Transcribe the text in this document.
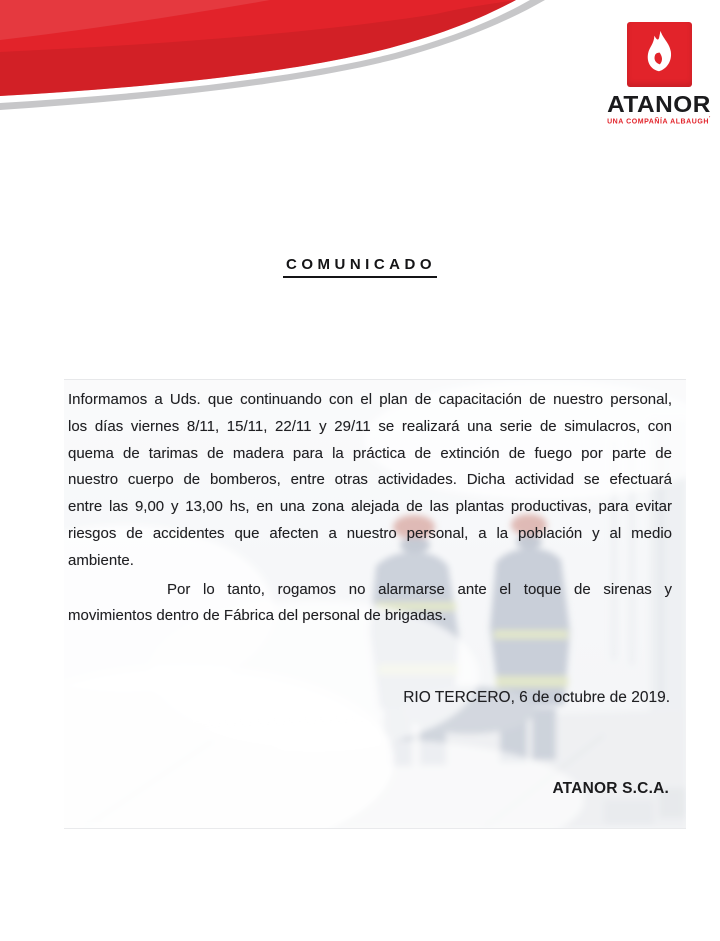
ATANOR
UNA COMPAÑÍA ALBAUGH’
COMUNICADO
Informamos a Uds. que continuando con el plan de capacitación de nuestro personal,
los días viernes 8/11, 15/11, 22/11 y 29/11 se realizará una serie de simulacros, con
quema de tarimas de madera para la práctica de extinción de fuego por parte de
nuestro cuerpo de bomberos, entre otras actividades. Dicha actividad se efectuará
entre las 9,00 y 13,00 hs, en una zona alejada de las plantas productivas, para evitar
riesgos de accidentes que afecten a nuestro personal, a la población y al medio
ambiente.
Por lo tanto, rogamos no alarmarse ante el toque de sirenas y
movimientos dentro de Fábrica del personal de brigadas.
RIO TERCERO, 6 de octubre de 2019.
ATANOR S.C.A.
